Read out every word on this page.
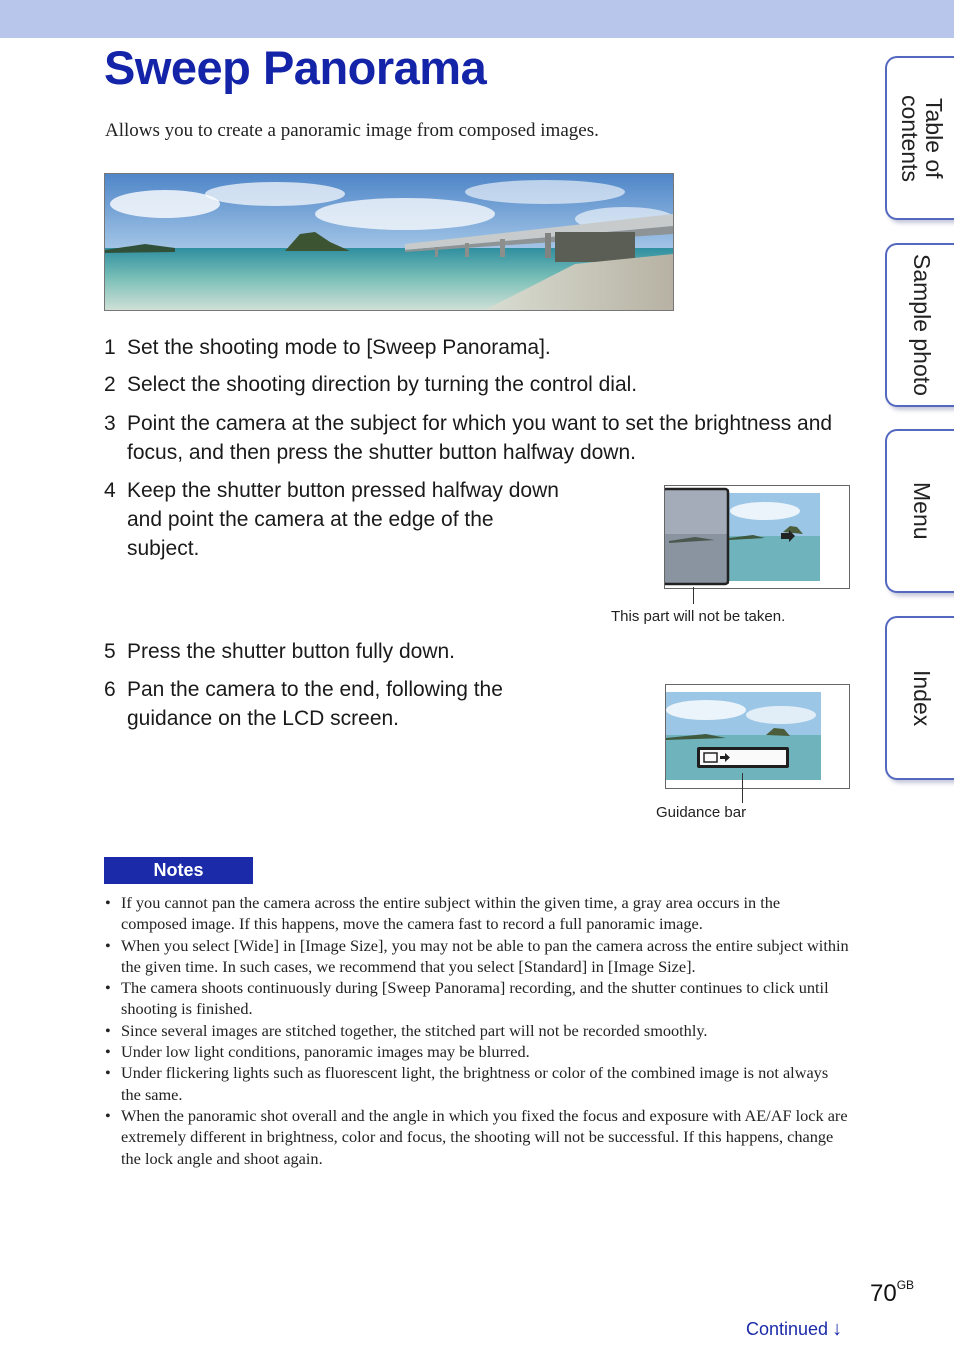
Sweep Panorama
Allows you to create a panoramic image from composed images.
1 Set the shooting mode to [Sweep Panorama].
2 Select the shooting direction by turning the control dial.
3 Point the camera at the subject for which you want to set the brightness and focus, and then press the shutter button halfway down.
4 Keep the shutter button pressed halfway down and point the camera at the edge of the subject.
5 Press the shutter button fully down.
6 Pan the camera to the end, following the guidance on the LCD screen.
This part will not be taken.
Guidance bar
Notes
• If you cannot pan the camera across the entire subject within the given time, a gray area occurs in the composed image. If this happens, move the camera fast to record a full panoramic image.
• When you select [Wide] in [Image Size], you may not be able to pan the camera across the entire subject within the given time. In such cases, we recommend that you select [Standard] in [Image Size].
• The camera shoots continuously during [Sweep Panorama] recording, and the shutter continues to click until shooting is finished.
• Since several images are stitched together, the stitched part will not be recorded smoothly.
• Under low light conditions, panoramic images may be blurred.
• Under flickering lights such as fluorescent light, the brightness or color of the combined image is not always the same.
• When the panoramic shot overall and the angle in which you fixed the focus and exposure with AE/AF lock are extremely different in brightness, color and focus, the shooting will not be successful. If this happens, change the lock angle and shoot again.
Table of contents
Sample photo
Menu
Index
$70^{GB}$
Continued ↓
